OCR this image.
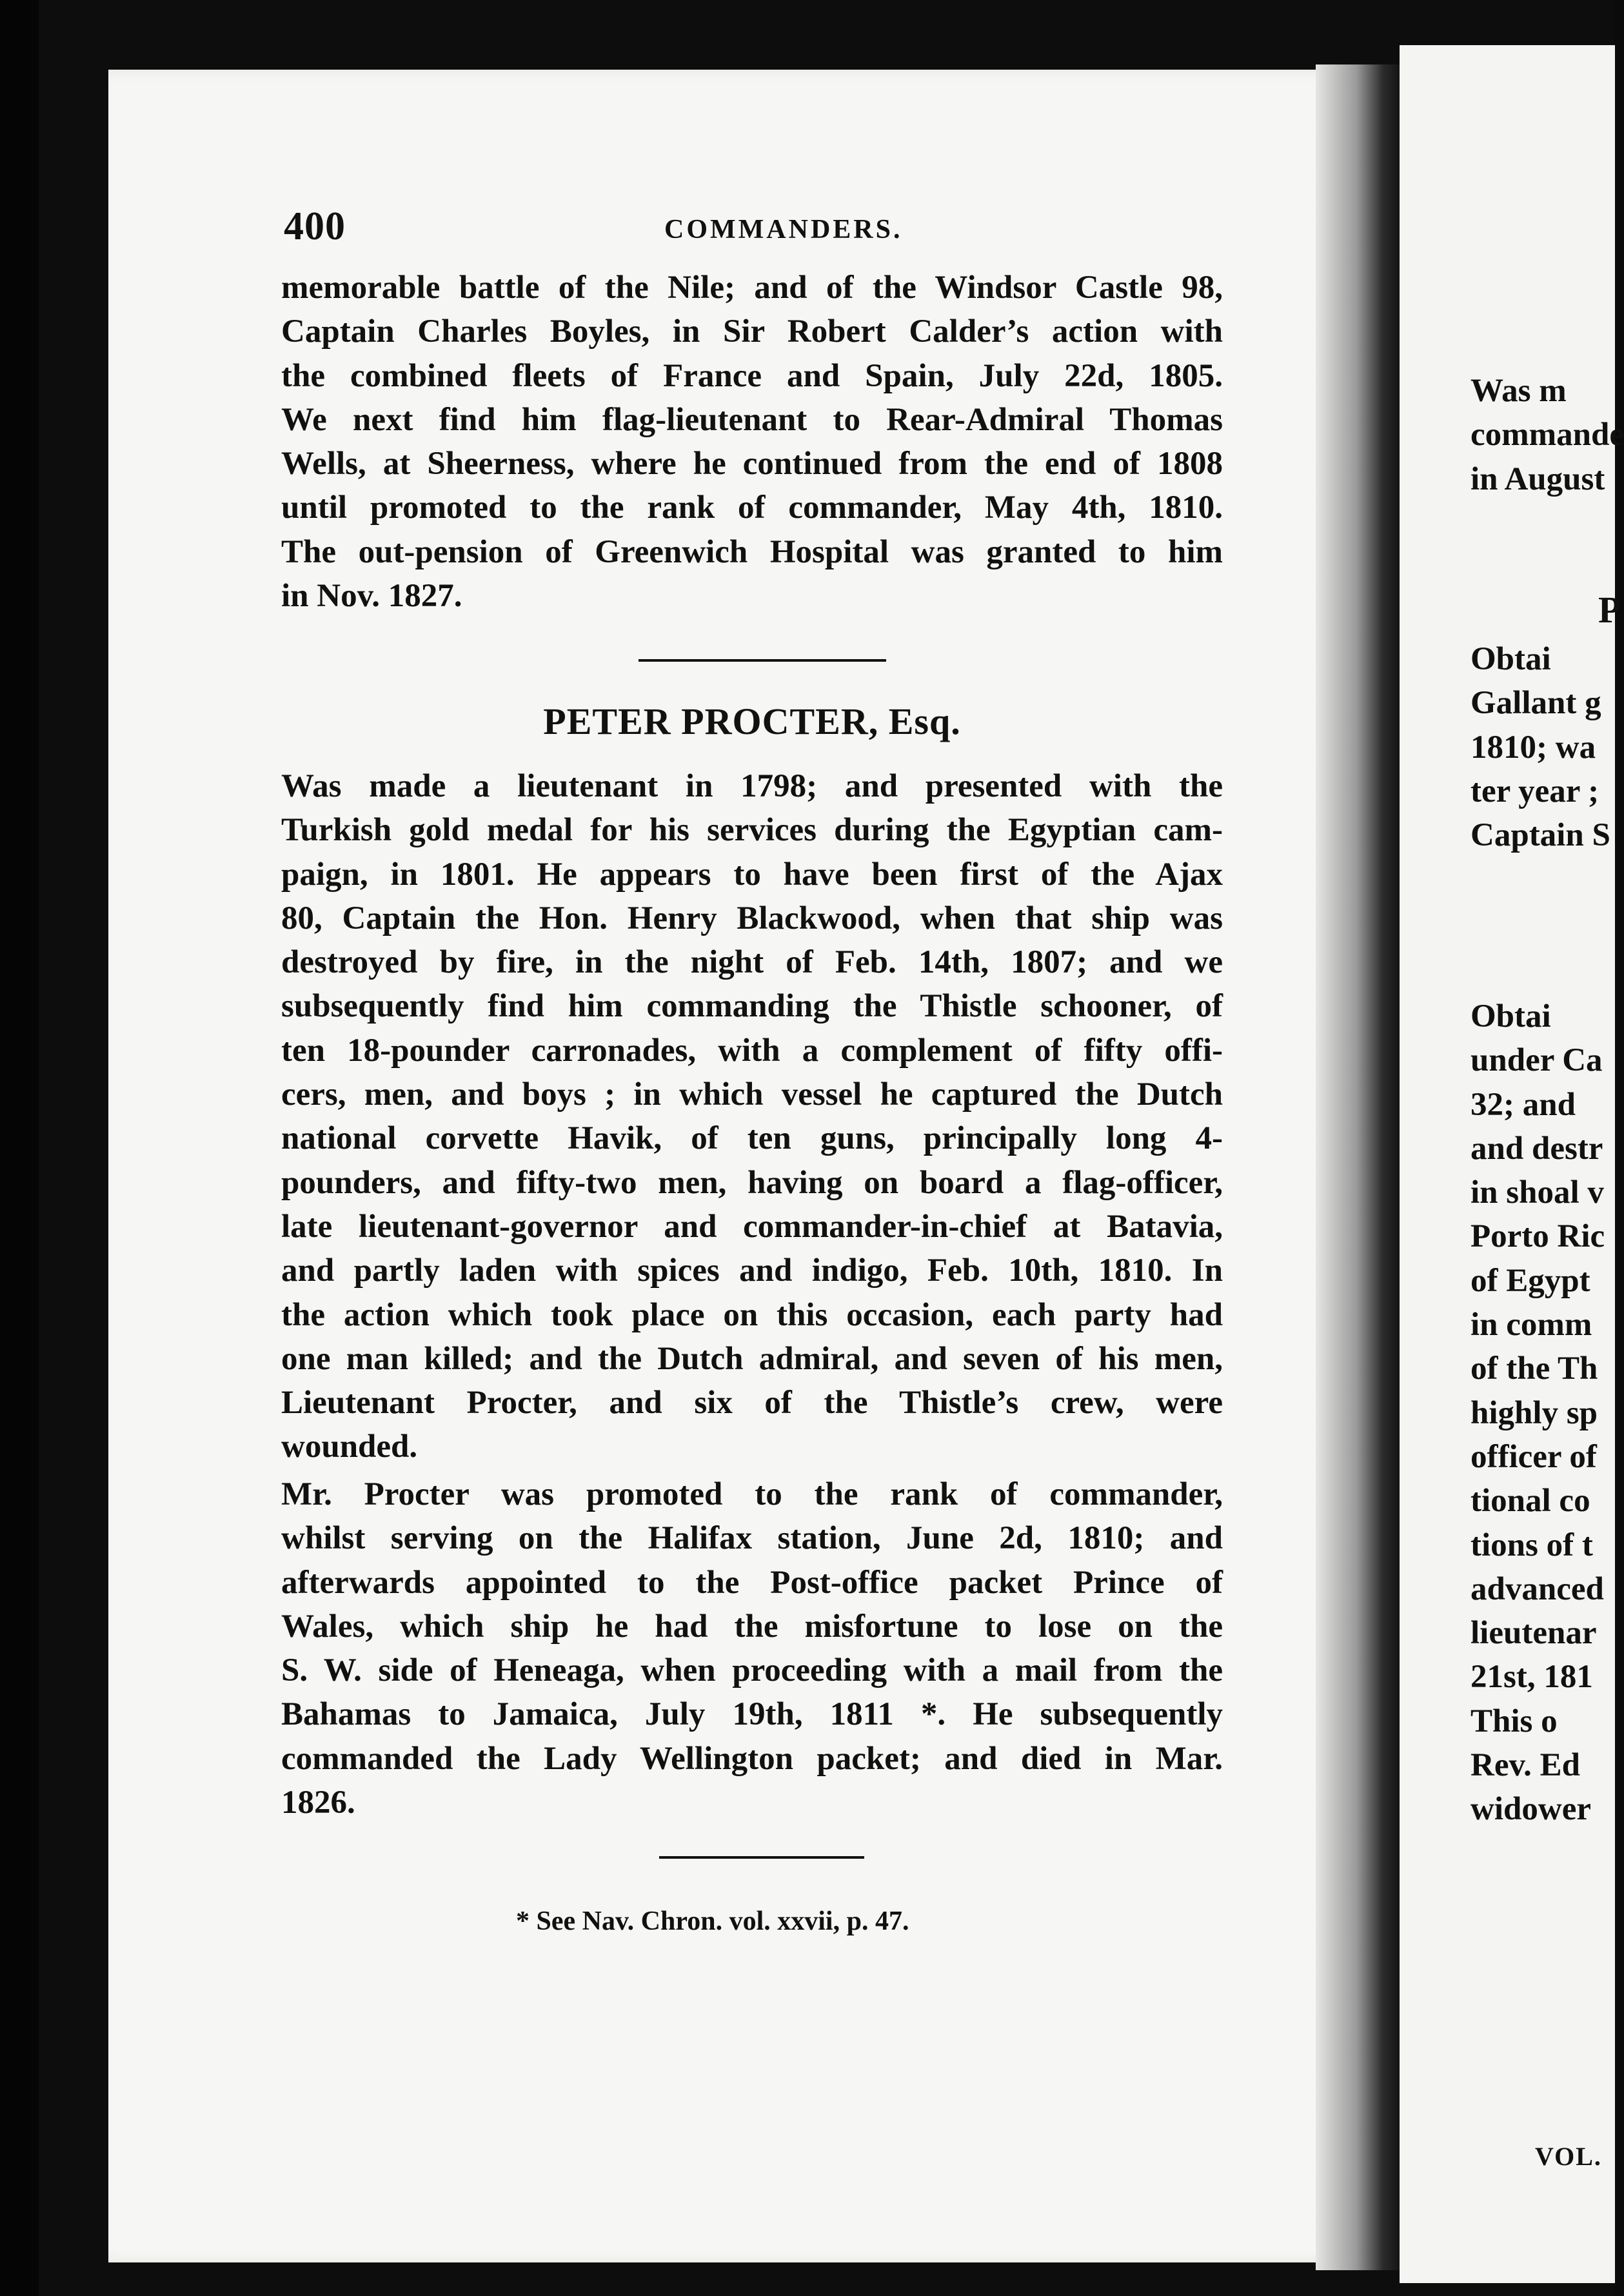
400	COMMANDERS.
memorable battle of the Nile; and of the Windsor Castle 98,
Captain Charles Boyles, in Sir Robert Calder’s action with
the combined fleets of France and Spain, July 22d, 1805.
We next find him flag-lieutenant to Rear-Admiral Thomas
Wells, at Sheerness, where he continued from the end of 1808
until promoted to the rank of commander, May 4th, 1810.
The out-pension of Greenwich Hospital was granted to him
in Nov. 1827.
PETER PROCTER, Esq.
Was made a lieutenant in 1798; and presented with the
Turkish gold medal for his services during the Egyptian cam-
paign, in 1801. He appears to have been first of the Ajax
80, Captain the Hon. Henry Blackwood, when that ship was
destroyed by fire, in the night of Feb. 14th, 1807; and we
subsequently find him commanding the Thistle schooner, of
ten 18-pounder carronades, with a complement of fifty offi-
cers, men, and boys ; in which vessel he captured the Dutch
national corvette Havik, of ten guns, principally long 4-
pounders, and fifty-two men, having on board a flag-officer,
late lieutenant-governor and commander-in-chief at Batavia,
and partly laden with spices and indigo, Feb. 10th, 1810. In
the action which took place on this occasion, each party had
one man killed; and the Dutch admiral, and seven of his men,
Lieutenant Procter, and six of the Thistle’s crew, were
wounded.
Mr. Procter was promoted to the rank of commander,
whilst serving on the Halifax station, June 2d, 1810; and
afterwards appointed to the Post-office packet Prince of
Wales, which ship he had the misfortune to lose on the
S. W. side of Heneaga, when proceeding with a mail from the
Bahamas to Jamaica, July 19th, 1811 *. He subsequently
commanded the Lady Wellington packet; and died in Mar.
1826.
* See Nav. Chron. vol. xxvii, p. 47.
Was m
commande
in August
P
Obtai
Gallant g
1810; wa
ter year ;
Captain S
Obtai
under Ca
32; and
and destr
in shoal v
Porto Ric
of Egypt
in comm
of the Th
highly sp
officer of
tional co
tions of t
advanced
lieutenar
21st, 181
This o
Rev. Ed
widower
VOL.
